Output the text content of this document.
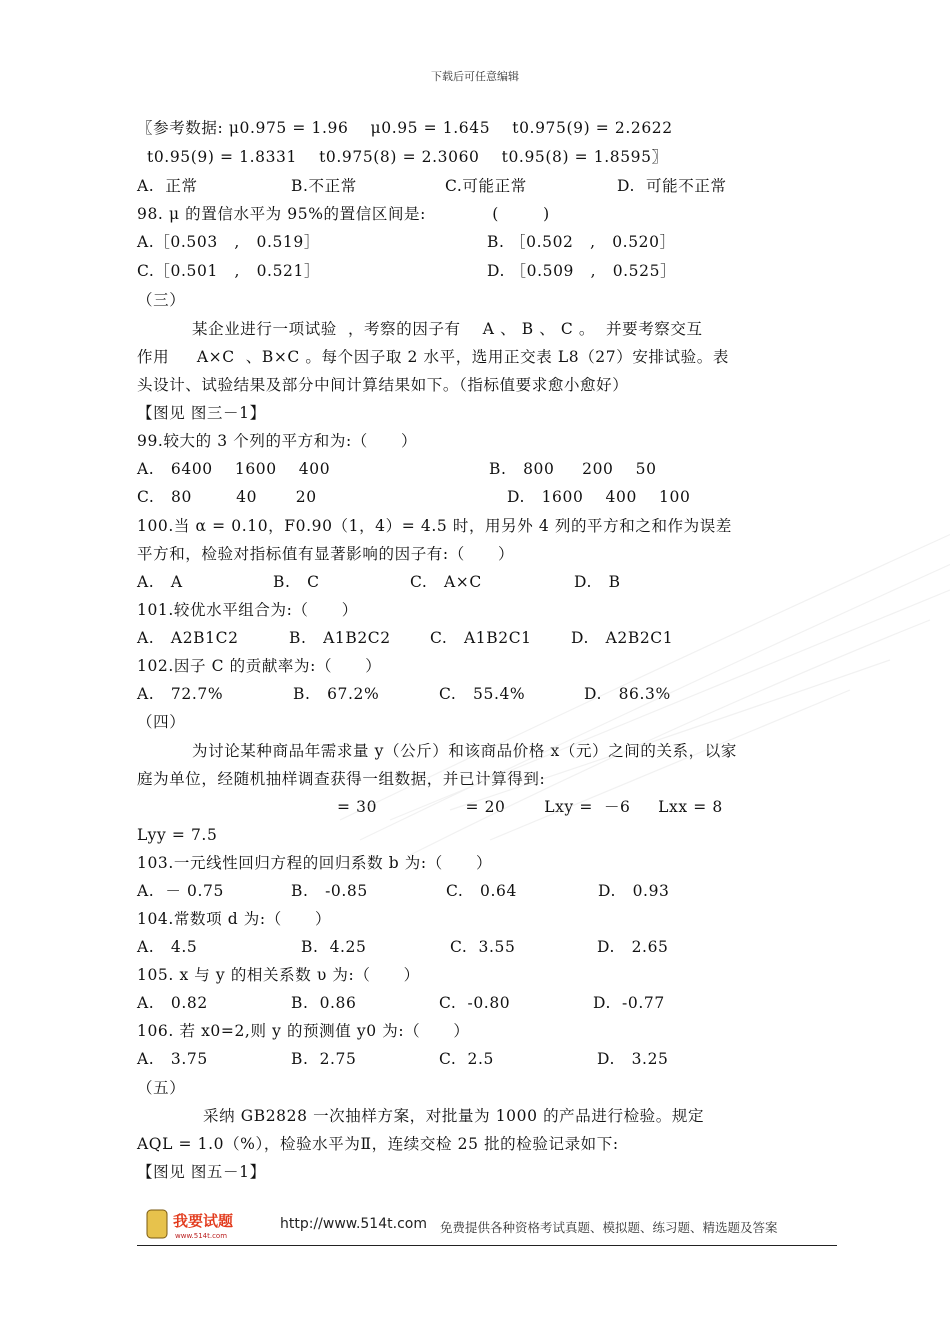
下载后可任意编辑
〖参考数据: μ0.975 = 1.96    μ0.95 = 1.645    t0.975(9) = 2.2622
t0.95(9) = 1.8331    t0.975(8) = 2.3060    t0.95(8) = 1.8595〗
98. μ 的置信水平为 95%的置信区间是:            (        )
（三）
某企业进行一项试验  ，考察的因子有    A 、 B 、 C 。  并要考察交互
作用     A×C  、B×C 。每个因子取 2 水平，选用正交表 L8（27）安排试验。表
头设计、试验结果及部分中间计算结果如下。（指标值要求愈小愈好）
【图见 图三－1】
99.较大的 3 个列的平方和为:（      ）
100.当 α = 0.10，F0.90（1，4）= 4.5 时，用另外 4 列的平方和之和作为误差
平方和，检验对指标值有显著影响的因子有:（      ）
101.较优水平组合为:（      ）
102.因子 C 的贡献率为:（      ）
（四）
为讨论某种商品年需求量 y（公斤）和该商品价格 x（元）之间的关系，以家
庭为单位，经随机抽样调查获得一组数据，并已计算得到:
= 30                = 20       Lxy =  －6     Lxx = 8
Lyy = 7.5
103.一元线性回归方程的回归系数 b 为:（      ）
104.常数项 d 为:（      ）
105. x 与 y 的相关系数 υ 为:（      ）
106. 若 x0=2,则 y 的预测值 y0 为:（      ）
（五）
采纳 GB2828 一次抽样方案，对批量为 1000 的产品进行检验。规定
AQL = 1.0（%），检验水平为Ⅱ，连续交检 25 批的检验记录如下:
【图见 图五－1】
A.  正常	B.不正常	C.可能正常	D.  可能不正常
A.［0.503   ,   0.519］	B. ［0.502   ,   0.520］
C.［0.501   ,   0.521］	D. ［0.509   ,   0.525］
A.   6400    1600    400	B.   800     200    50
C.   80        40       20	D.   1600    400    100
A.   A	B.   C	C.   A×C	D.   B
A.   A2B1C2	B.   A1B2C2	C.   A1B2C1	D.   A2B2C1
A.   72.7%	B.   67.2%	C.   55.4%	D.   86.3%
A.  － 0.75	B.   -0.85	C.   0.64	D.   0.93
A.   4.5	B.  4.25	C.  3.55	D.   2.65
A.   0.82	B.  0.86	C.  -0.80	D.  -0.77
A.   3.75	B.  2.75	C.  2.5	D.   3.25
我要试题
www.514t.com
http://www.514t.com 免费提供各种资格考试真题、模拟题、练习题、精选题及答案
